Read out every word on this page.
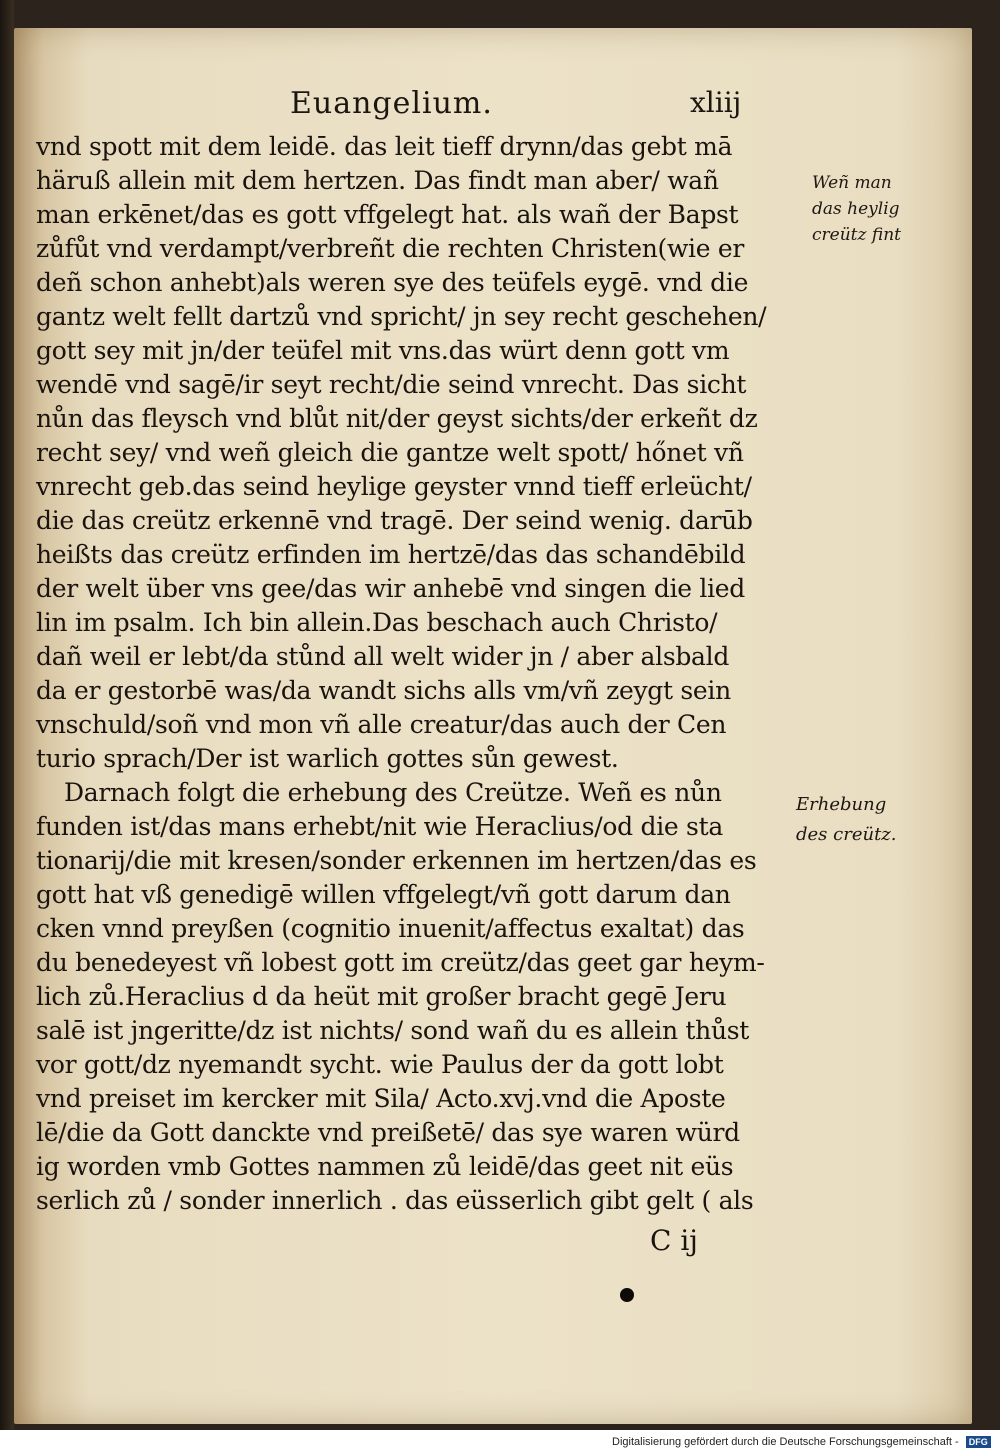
Euangelium.	xliij
vnd spott mit dem leidē. das leit tieff drynn/das gebt mā
häruß allein mit dem hertzen. Das findt man aber/ wañ
man erkēnet/das es gott vffgelegt hat. als wañ der Bapst
zůfůt vnd verdampt/verbreñt die rechten Christen(wie er
deñ schon anhebt)als weren sye des teüfels eygē. vnd die
gantz welt fellt dartzů vnd spricht/ jn sey recht geschehen/
gott sey mit jn/der teüfel mit vns.das würt denn gott vm
wendē vnd sagē/ir seyt recht/die seind vnrecht. Das sicht
nůn das fleysch vnd blůt nit/der geyst sichts/der erkeñt dz
recht sey/ vnd weñ gleich die gantze welt spott/ hőnet vñ
vnrecht geb.das seind heylige geyster vnnd tieff erleücht/
die das creütz erkennē vnd tragē. Der seind wenig. darūb
heißts das creütz erfinden im hertzē/das das schandēbild
der welt über vns gee/das wir anhebē vnd singen die lied
lin im psalm. Ich bin allein.Das beschach auch Christo/
dañ weil er lebt/da stůnd all welt wider jn / aber alsbald
da er gestorbē was/da wandt sichs alls vm/vñ zeygt sein
vnschuld/soñ vnd mon vñ alle creatur/das auch der Cen
turio sprach/Der ist warlich gottes sůn gewest.
Darnach folgt die erhebung des Creütze. Weñ es nůn
funden ist/das mans erhebt/nit wie Heraclius/od die sta
tionarij/die mit kresen/sonder erkennen im hertzen/das es
gott hat vß genedigē willen vffgelegt/vñ gott darum dan
cken vnnd preyßen (cognitio inuenit/affectus exaltat) das
du benedeyest vñ lobest gott im creütz/das geet gar heym-
lich zů.Heraclius d da heüt mit großer bracht gegē Jeru
salē ist jngeritte/dz ist nichts/ sond wañ du es allein thůst
vor gott/dz nyemandt sycht. wie Paulus der da gott lobt
vnd preiset im kercker mit Sila/ Acto.xvj.vnd die Aposte
lē/die da Gott danckte vnd preißetē/ das sye waren würd
ig worden vmb Gottes nammen zů leidē/das geet nit eüs
serlich zů / sonder innerlich . das eüsserlich gibt gelt ( als
Weñ man
das heylig
creütz fint
Erhebung
des creütz.
C ij
Digitalisierung gefördert durch die Deutsche Forschungsgemeinschaft - DFG
